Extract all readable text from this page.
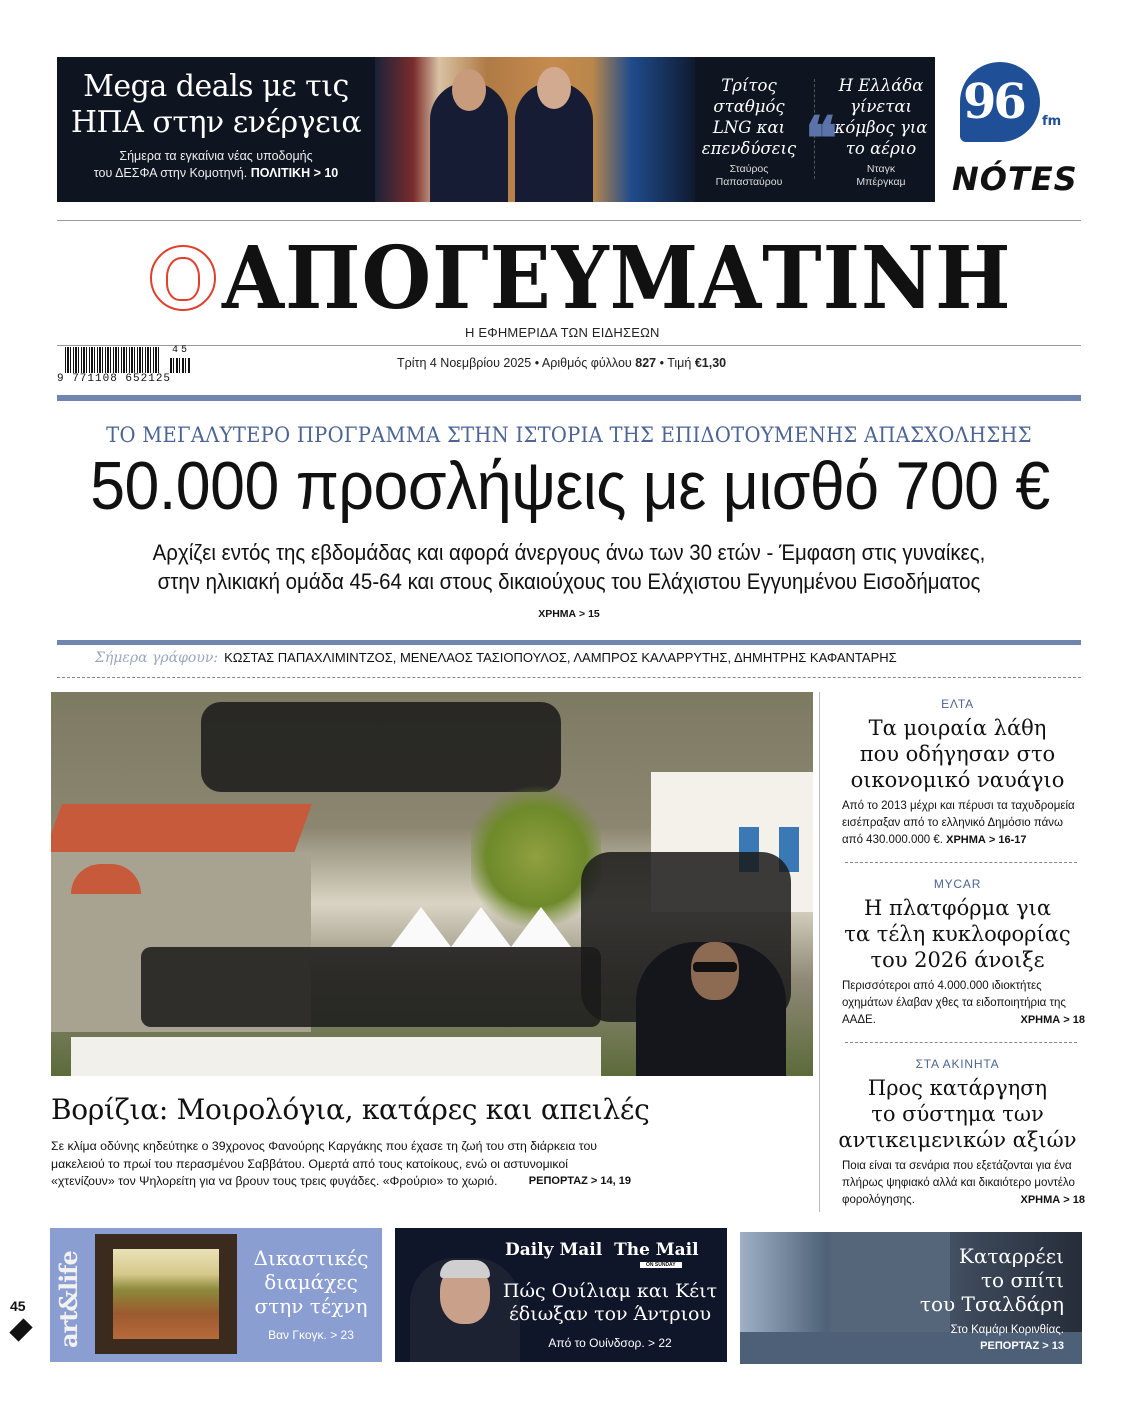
Mega deals με τις
ΗΠΑ στην ενέργεια
Σήμερα τα εγκαίνια νέας υποδομής
του ΔΕΣΦΑ στην Κομοτηνή. ΠΟΛΙΤΙΚΗ > 10
Τρίτος
σταθμός
LNG και
επενδύσεις
Σταύρος
Παπασταύρου
❝
Η Ελλάδα
γίνεται
κόμβος για
το αέριο
Νταγκ
Μπέργκαμ
96 fm
NÓTES
ΑΠΟΓΕΥΜΑΤΙΝΗ
Η ΕΦΗΜΕΡΙΔΑ ΤΩΝ ΕΙΔΗΣΕΩΝ
9 771108 652125
45
Τρίτη 4 Νοεμβρίου 2025 • Αριθμός φύλλου 827 • Τιμή €1,30
ΤΟ ΜΕΓΑΛΥΤΕΡΟ ΠΡΟΓΡΑΜΜΑ ΣΤΗΝ ΙΣΤΟΡΙΑ ΤΗΣ ΕΠΙΔΟΤΟΥΜΕΝΗΣ ΑΠΑΣΧΟΛΗΣΗΣ
50.000 προσλήψεις με μισθό 700 €
Αρχίζει εντός της εβδομάδας και αφορά άνεργους άνω των 30 ετών - Έμφαση στις γυναίκες,
στην ηλικιακή ομάδα 45-64 και στους δικαιούχους του Ελάχιστου Εγγυημένου Εισοδήματος
ΧΡΗΜΑ > 15
Σήμερα γράφουν: ΚΩΣΤΑΣ ΠΑΠΑΧΛΙΜΙΝΤΖΟΣ, ΜΕΝΕΛΑΟΣ ΤΑΣΙΟΠΟΥΛΟΣ, ΛΑΜΠΡΟΣ ΚΑΛΑΡΡΥΤΗΣ, ΔΗΜΗΤΡΗΣ ΚΑΦΑΝΤΑΡΗΣ
Βορίζια: Μοιρολόγια, κατάρες και απειλές
Σε κλίμα οδύνης κηδεύτηκε ο 39χρονος Φανούρης Καργάκης που έχασε τη ζωή του στη διάρκεια του μακελειού το πρωί του περασμένου Σαββάτου. Ομερτά από τους κατοίκους, ενώ οι αστυνομικοί «χτενίζουν» τον Ψηλορείτη για να βρουν τους τρεις φυγάδες. «Φρούριο» το χωριό.	ΡΕΠΟΡΤΑΖ > 14, 19
ΕΛΤΑ
Τα μοιραία λάθη
που οδήγησαν στο
οικονομικό ναυάγιο
Από το 2013 μέχρι και πέρυσι τα ταχυδρομεία εισέπραξαν από το ελληνικό Δημόσιο πάνω από 430.000.000 €. ΧΡΗΜΑ > 16-17
MYCAR
Η πλατφόρμα για
τα τέλη κυκλοφορίας
του 2026 άνοιξε
Περισσότεροι από 4.000.000 ιδιοκτήτες οχημάτων έλαβαν χθες τα ειδοποιητήρια της ΑΑΔΕ.	ΧΡΗΜΑ > 18
ΣΤΑ ΑΚΙΝΗΤΑ
Προς κατάργηση
το σύστημα των
αντικειμενικών αξιών
Ποια είναι τα σενάρια που εξετάζονται για ένα πλήρως ψηφιακό αλλά και δικαιότερο μοντέλο φορολόγησης.	ΧΡΗΜΑ > 18
45 art&life	Δικαστικές
διαμάχες
στην τέχνη
Βαν Γκογκ. > 23
Daily Mail The Mail
ON SUNDAY
Πώς Ουίλιαμ και Κέιτ
έδιωξαν τον Άντριου
Από το Ουίνδσορ. > 22
Καταρρέει
το σπίτι
του Τσαλδάρη
Στο Καμάρι Κορινθίας.
ΡΕΠΟΡΤΑΖ > 13
